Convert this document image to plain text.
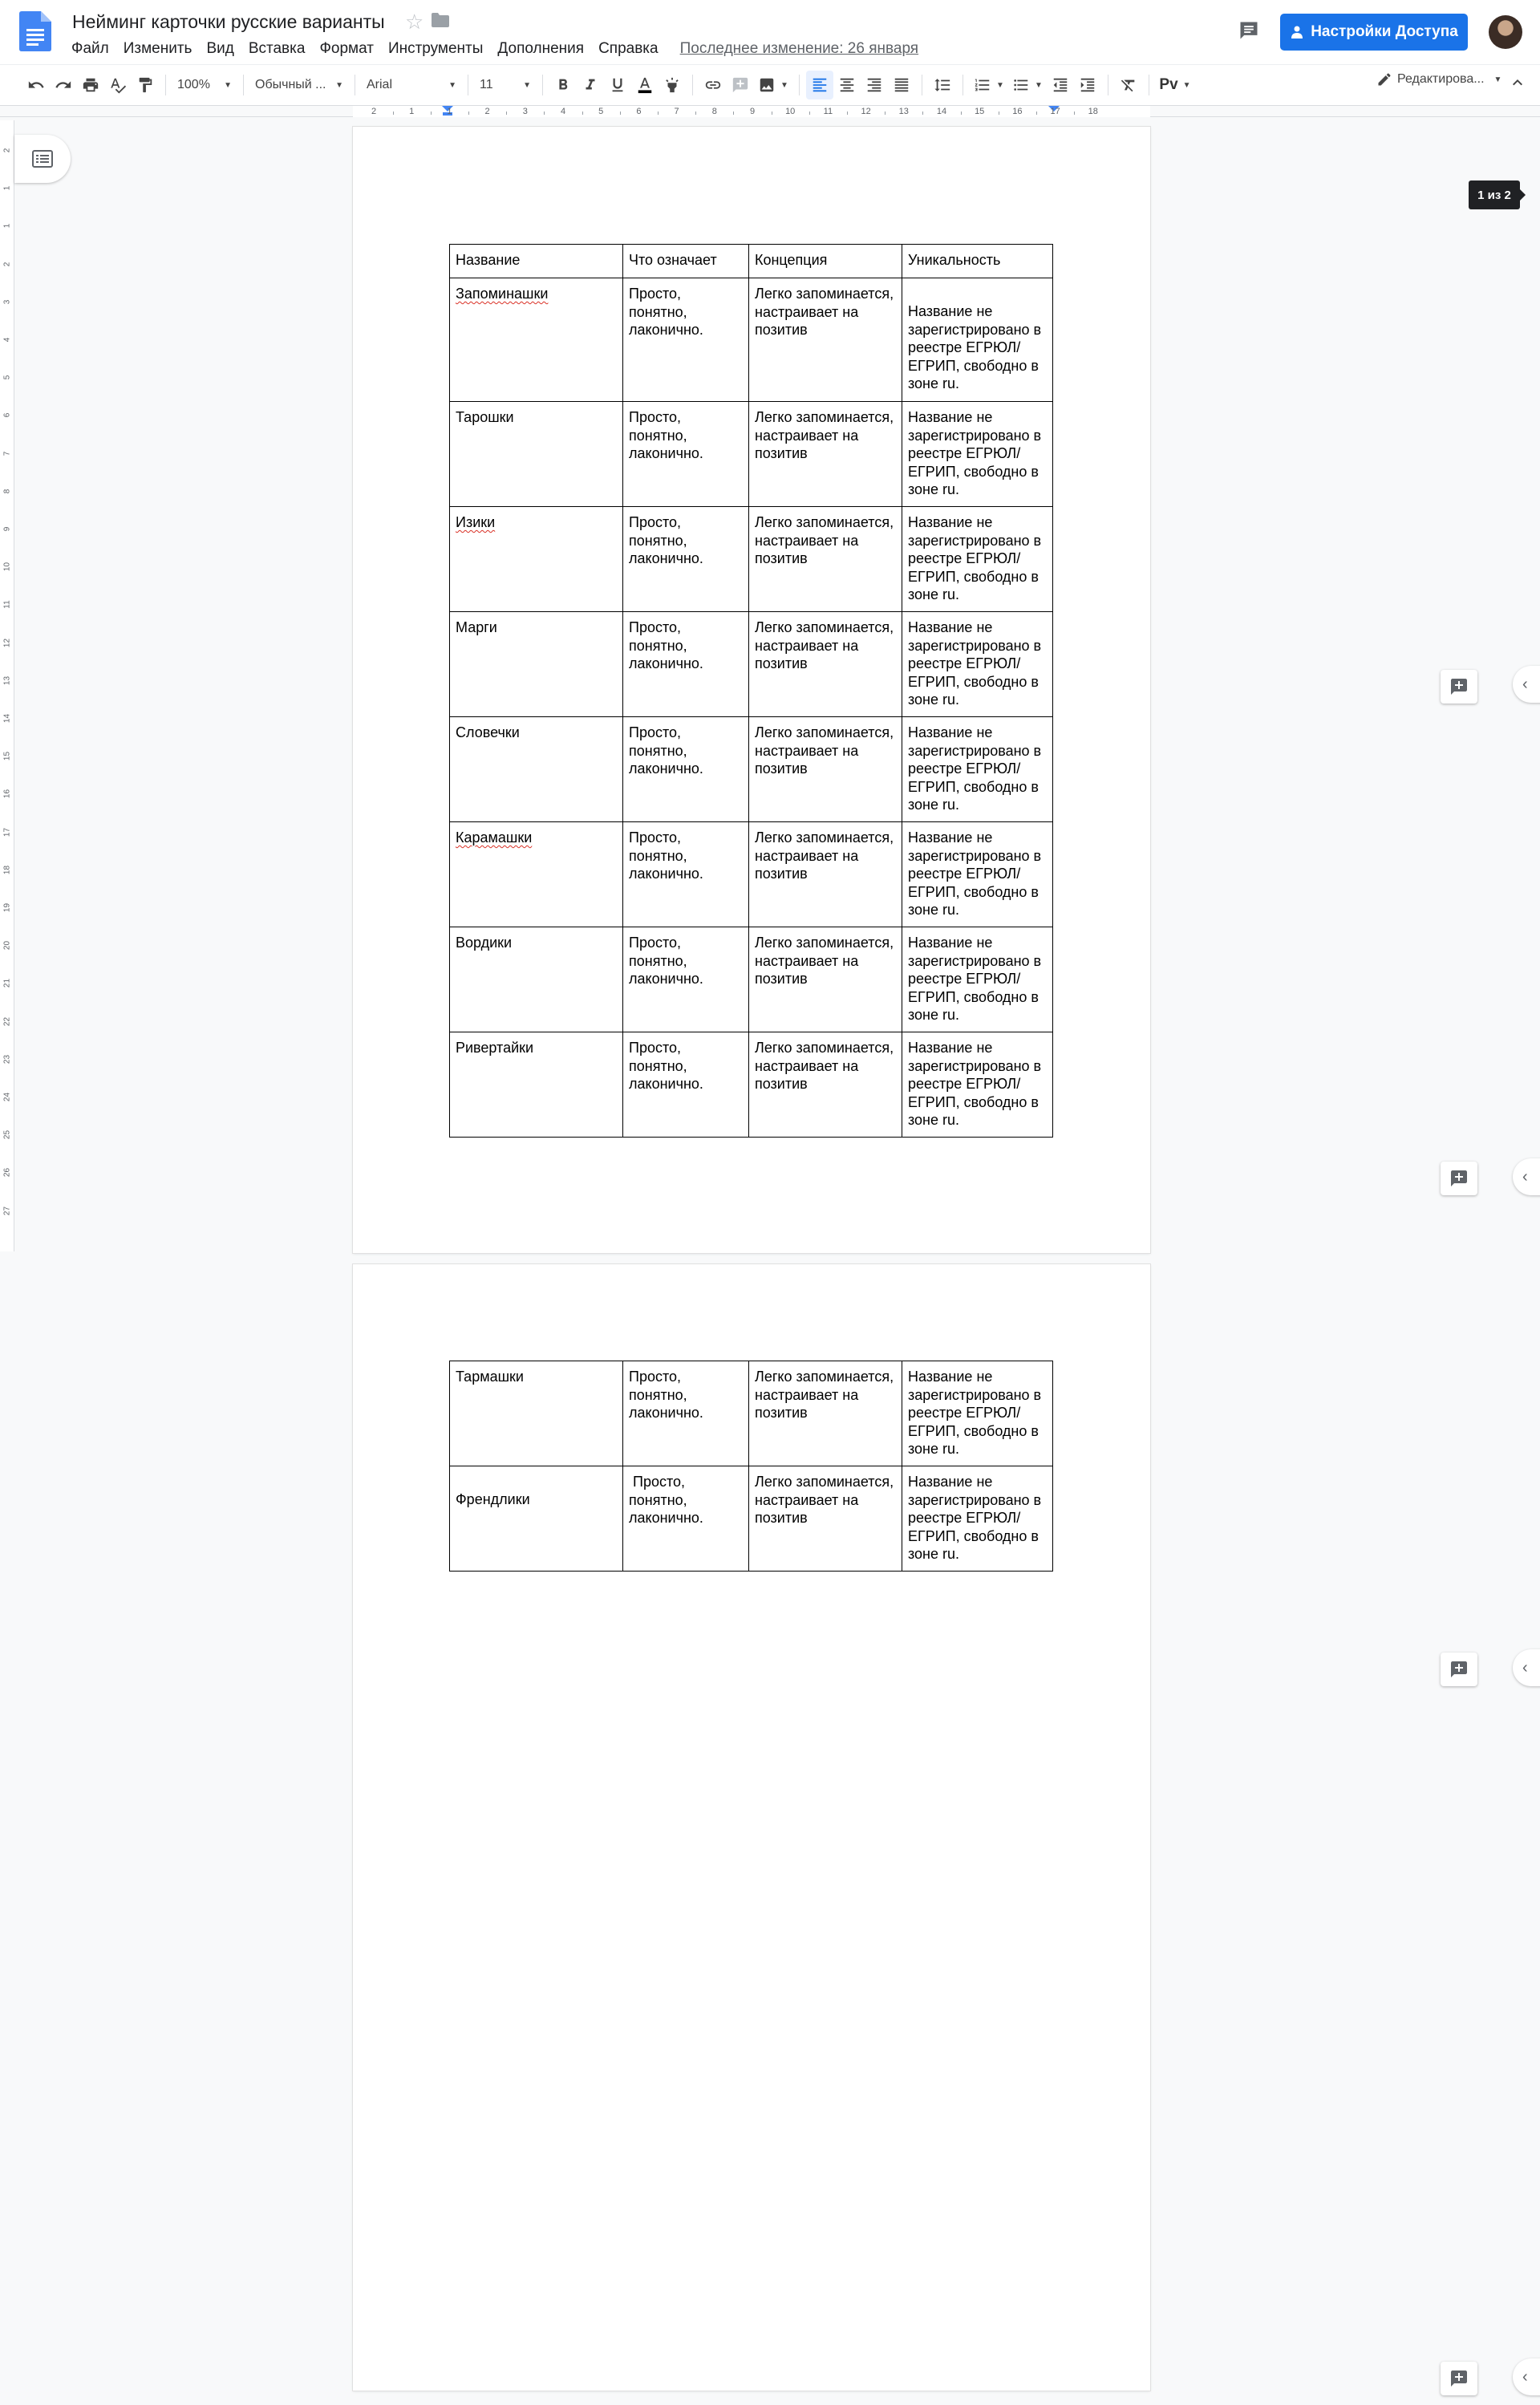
Нейминг карточки русские варианты ☆
Файл Изменить Вид Вставка Формат Инструменты Дополнения Справка	Последнее изменение: 26 января
Настройки Доступа
100% ▼ Обычный ... ▼ Arial	▼ 11	▼	▼	▼	▼	Pv ▼	Редактирова... ▼
2	1	1	2	3	4	5	6	7	8	9	10	11	12	13	14	15	16	17	18
2
1
1
2
3
4
5
6
7
8
9
10
11
12
13
14
15
16
17
18
19
20
21
22
23
24
25
26
27
Название	Что означает	Концепция	Уникальность
Запоминашки	Просто, понятно, лаконично.	Легко запоминается, настраивает на позитив	Название не зарегистрировано в реестре ЕГРЮЛ/ЕГРИП, свободно в зоне ru.
Тарошки	Просто, понятно, лаконично.	Легко запоминается, настраивает на позитив	Название не зарегистрировано в реестре ЕГРЮЛ/ЕГРИП, свободно в зоне ru.
Изики	Просто, понятно, лаконично.	Легко запоминается, настраивает на позитив	Название не зарегистрировано в реестре ЕГРЮЛ/ЕГРИП, свободно в зоне ru.
Марги	Просто, понятно, лаконично.	Легко запоминается, настраивает на позитив	Название не зарегистрировано в реестре ЕГРЮЛ/ЕГРИП, свободно в зоне ru.
Словечки	Просто, понятно, лаконично.	Легко запоминается, настраивает на позитив	Название не зарегистрировано в реестре ЕГРЮЛ/ЕГРИП, свободно в зоне ru.
Карамашки	Просто, понятно, лаконично.	Легко запоминается, настраивает на позитив	Название не зарегистрировано в реестре ЕГРЮЛ/ЕГРИП, свободно в зоне ru.
Вордики	Просто, понятно, лаконично.	Легко запоминается, настраивает на позитив	Название не зарегистрировано в реестре ЕГРЮЛ/ЕГРИП, свободно в зоне ru.
Ривертайки	Просто, понятно, лаконично.	Легко запоминается, настраивает на позитив	Название не зарегистрировано в реестре ЕГРЮЛ/ЕГРИП, свободно в зоне ru.
Тармашки	Просто, понятно, лаконично.	Легко запоминается, настраивает на позитив	Название не зарегистрировано в реестре ЕГРЮЛ/ЕГРИП, свободно в зоне ru.

Френдлики	Просто, понятно, лаконично.	Легко запоминается, настраивает на позитив	Название не зарегистрировано в реестре ЕГРЮЛ/ЕГРИП, свободно в зоне ru.
1 из 2
‹
‹
‹
‹
